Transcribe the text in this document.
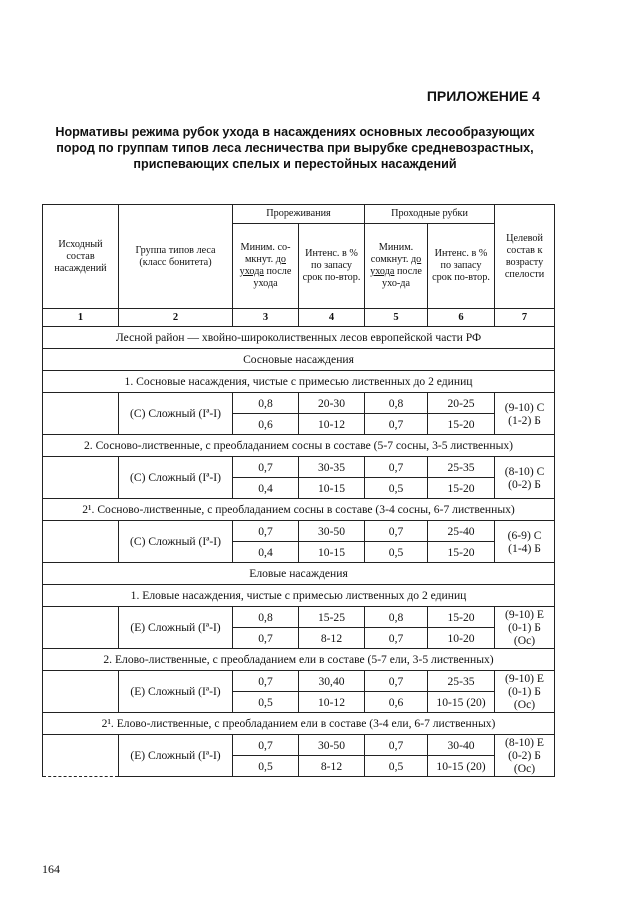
ПРИЛОЖЕНИЕ 4
Нормативы режима рубок ухода в насаждениях основных лесообразующих
пород по группам типов леса лесничества при вырубке средневозрастных,
приспевающих спелых и перестойных насаждений
Исходный состав насаждений	Группа типов леса (класс бонитета)	Прореживания		Проходные рубки		Целевой состав к возрасту спелости
		Миним. со-мкнут. до ухода после ухода	Интенс. в % по запасу срок по-втор.	Миним. сомкнут. до ухода после ухо-да	Интенс. в % по запасу срок по-втор.	
1	2	3	4	5	6	7
Лесной район — хвойно-широколиственных лесов европейской части РФ						
Сосновые насаждения						
1. Сосновые насаждения, чистые с примесью лиственных до 2 единиц						
	(С) Сложный (Iª-I)	0,8	20-30	0,8	20-25	(9-10) С
(1-2) Б

		0,6	10-12	0,7	15-20	
2. Сосново-лиственные, с преобладанием сосны в составе (5-7 сосны, 3-5 лиственных)						
	(С) Сложный (Iª-I)	0,7	30-35	0,7	25-35	(8-10) С
(0-2) Б

		0,4	10-15	0,5	15-20	
2¹. Сосново-лиственные, с преобладанием сосны в составе (3-4 сосны, 6-7 лиственных)						
	(С) Сложный (Iª-I)	0,7	30-50	0,7	25-40	(6-9) С
(1-4) Б

		0,4	10-15	0,5	15-20	
Еловые насаждения						
1. Еловые насаждения, чистые с примесью лиственных до 2 единиц						
	(Е) Сложный (Iª-I)	0,8	15-25	0,8	15-20	(9-10) Е
(0-1) Б
(Ос)

		0,7	8-12	0,7	10-20	
2. Елово-лиственные, с преобладанием ели в составе (5-7 ели, 3-5 лиственных)						
	(Е) Сложный (Iª-I)	0,7	30,40	0,7	25-35	(9-10) Е
(0-1) Б
(Ос)

		0,5	10-12	0,6	10-15 (20)	
2¹. Елово-лиственные, с преобладанием ели в составе (3-4 ели, 6-7 лиственных)						
	(Е) Сложный (Iª-I)	0,7	30-50	0,7	30-40	(8-10) Е
(0-2) Б
(Ос)

		0,5	8-12	0,5	10-15 (20)	
164
